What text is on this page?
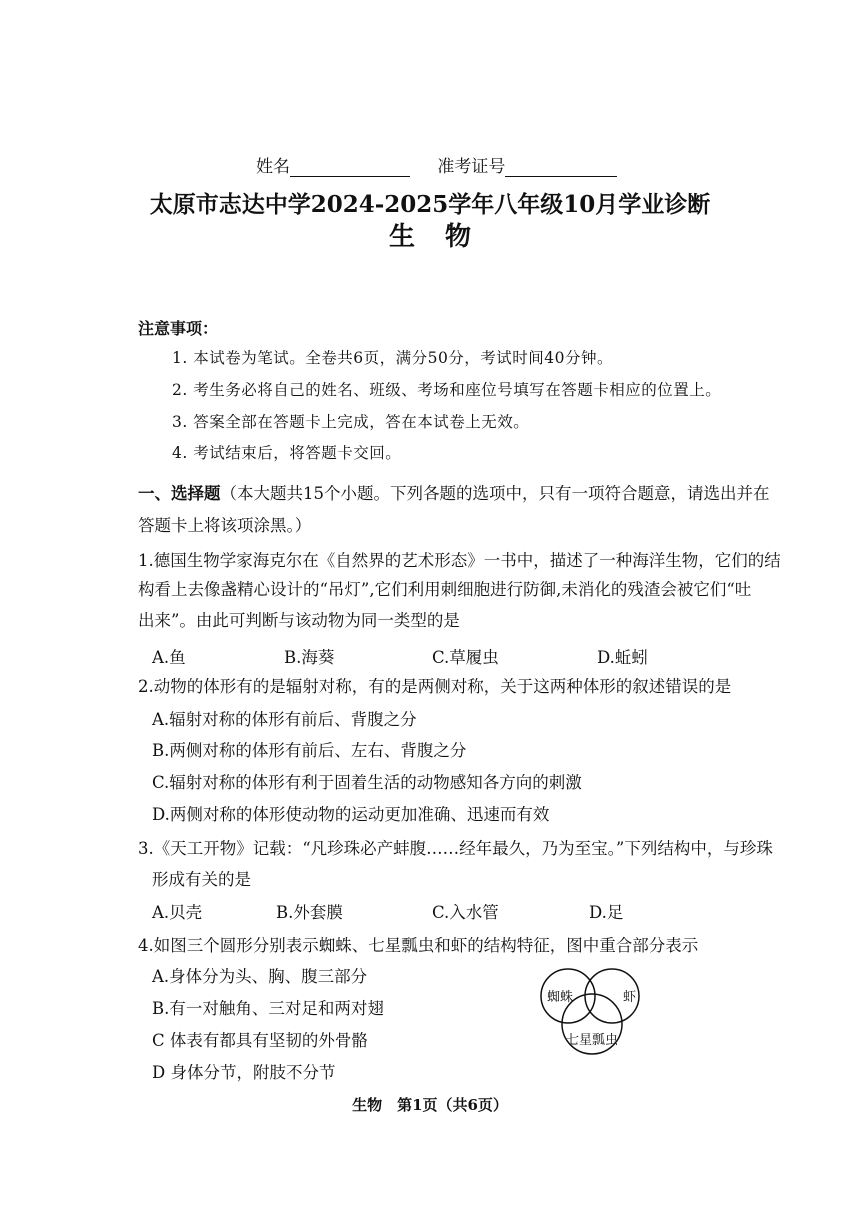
姓名	准考证号
太原市志达中学2024-2025学年八年级10月学业诊断
生物
注意事项：
1. 本试卷为笔试。全卷共6页，满分50分，考试时间40分钟。
2. 考生务必将自己的姓名、班级、考场和座位号填写在答题卡相应的位置上。
3. 答案全部在答题卡上完成，答在本试卷上无效。
4. 考试结束后，将答题卡交回。
一、选择题（本大题共15个小题。下列各题的选项中，只有一项符合题意，请选出并在
答题卡上将该项涂黑。）
1.德国生物学家海克尔在《自然界的艺术形态》一书中，描述了一种海洋生物，它们的结
构看上去像盏精心设计的“吊灯”,它们利用刺细胞进行防御,未消化的残渣会被它们“吐
出来”。由此可判断与该动物为同一类型的是
A.鱼	B.海葵	C.草履虫	D.蚯蚓
2.动物的体形有的是辐射对称，有的是两侧对称，关于这两种体形的叙述错误的是
A.辐射对称的体形有前后、背腹之分
B.两侧对称的体形有前后、左右、背腹之分
C.辐射对称的体形有利于固着生活的动物感知各方向的刺激
D.两侧对称的体形使动物的运动更加准确、迅速而有效
3.《天工开物》记载：“凡珍珠必产蚌腹……经年最久，乃为至宝。”下列结构中，与珍珠
形成有关的是
A.贝壳	B.外套膜	C.入水管	D.足
4.如图三个圆形分别表示蜘蛛、七星瓢虫和虾的结构特征，图中重合部分表示
A.身体分为头、胸、腹三部分
B.有一对触角、三对足和两对翅
C 体表有都具有坚韧的外骨骼
D 身体分节，附肢不分节
蜘蛛	虾
七星瓢虫
生物　第1页（共6页）
